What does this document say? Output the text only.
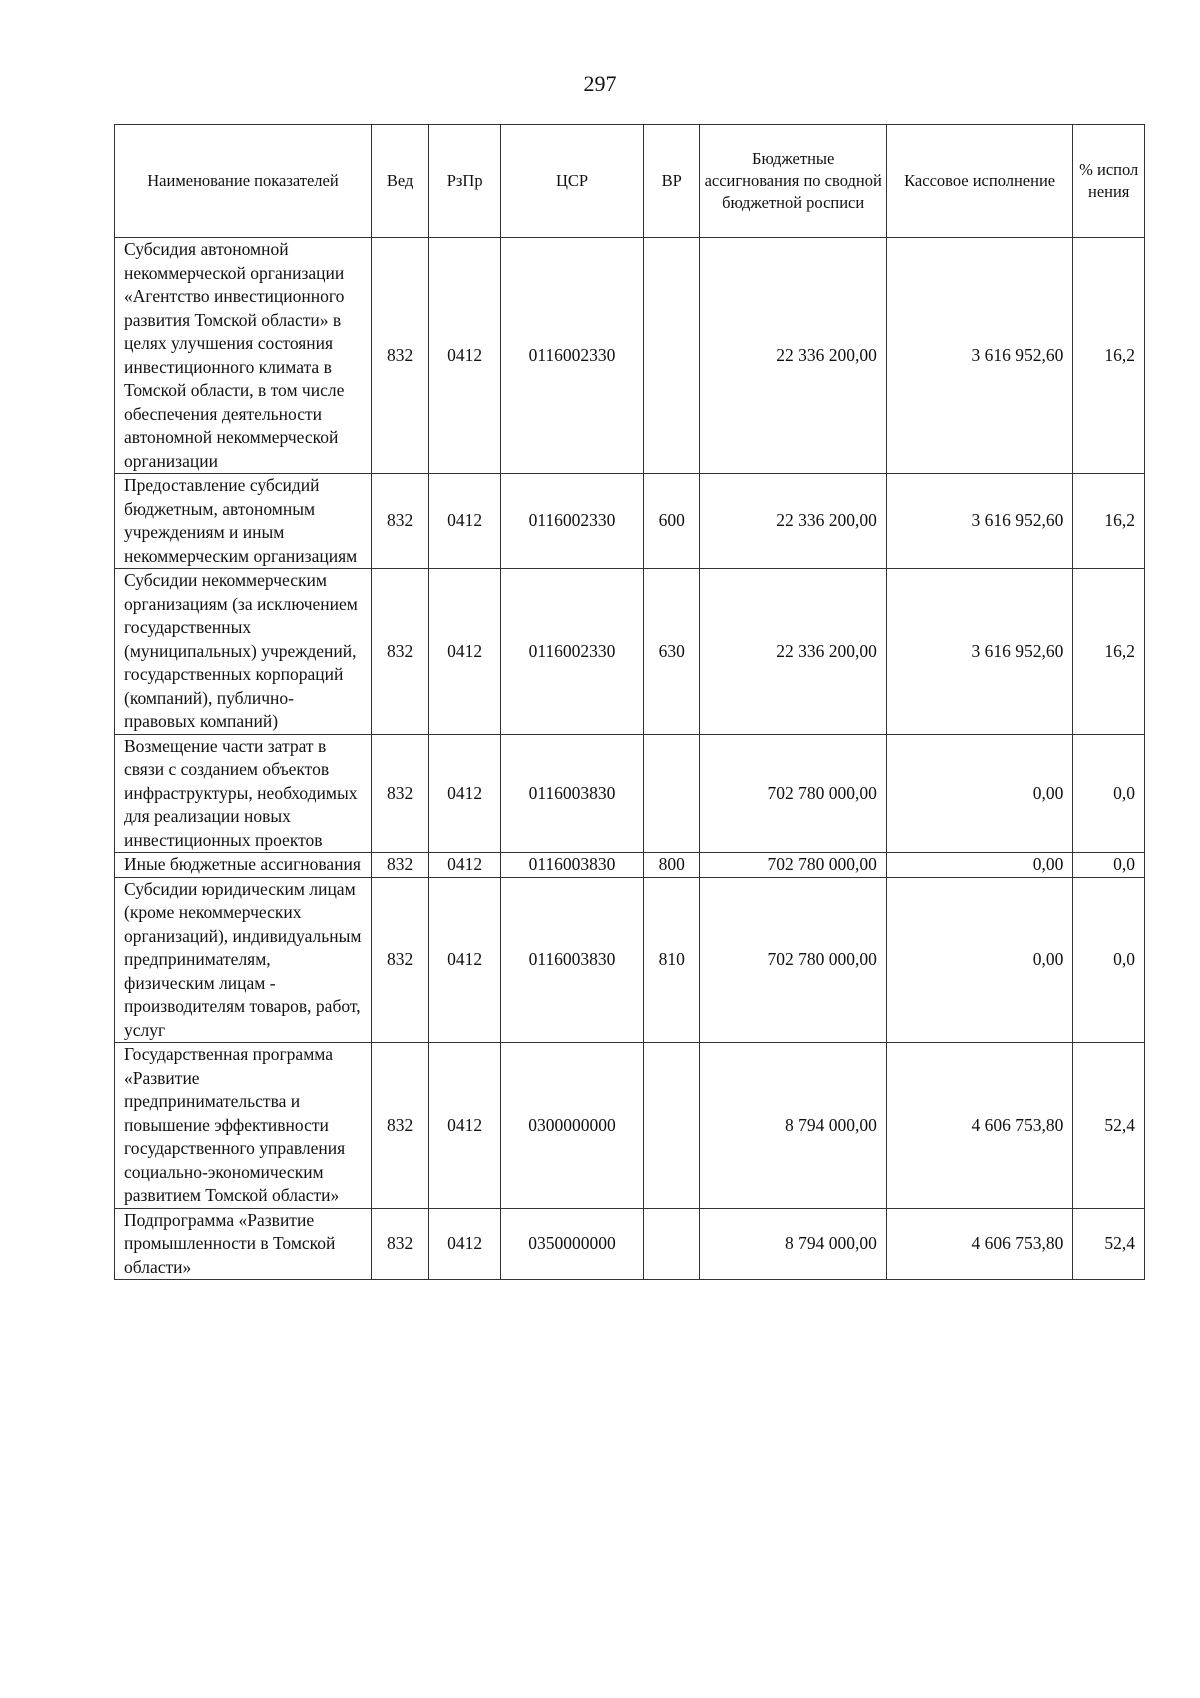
297
Наименование показателей	Вед	РзПр	ЦСР	ВР	Бюджетные ассигнования по сводной бюджетной росписи	Кассовое исполнение	% испол нения
Субсидия автономной некоммерческой организации «Агентство инвестиционного развития Томской области» в целях улучшения состояния инвестиционного климата в Томской области, в том числе обеспечения деятельности автономной некоммерческой организации	832	0412	0116002330		22 336 200,00	3 616 952,60	16,2
Предоставление субсидий бюджетным, автономным учреждениям и иным некоммерческим организациям	832	0412	0116002330	600	22 336 200,00	3 616 952,60	16,2
Субсидии некоммерческим организациям (за исключением государственных (муниципальных) учреждений, государственных корпораций (компаний), публично-правовых компаний)	832	0412	0116002330	630	22 336 200,00	3 616 952,60	16,2
Возмещение части затрат в связи с созданием объектов инфраструктуры, необходимых для реализации новых инвестиционных проектов	832	0412	0116003830		702 780 000,00	0,00	0,0
Иные бюджетные ассигнования	832	0412	0116003830	800	702 780 000,00	0,00	0,0
Субсидии юридическим лицам (кроме некоммерческих организаций), индивидуальным предпринимателям, физическим лицам - производителям товаров, работ, услуг	832	0412	0116003830	810	702 780 000,00	0,00	0,0
Государственная программа «Развитие предпринимательства и повышение эффективности государственного управления социально-экономическим развитием Томской области»	832	0412	0300000000		8 794 000,00	4 606 753,80	52,4
Подпрограмма «Развитие промышленности в Томской области»	832	0412	0350000000		8 794 000,00	4 606 753,80	52,4
